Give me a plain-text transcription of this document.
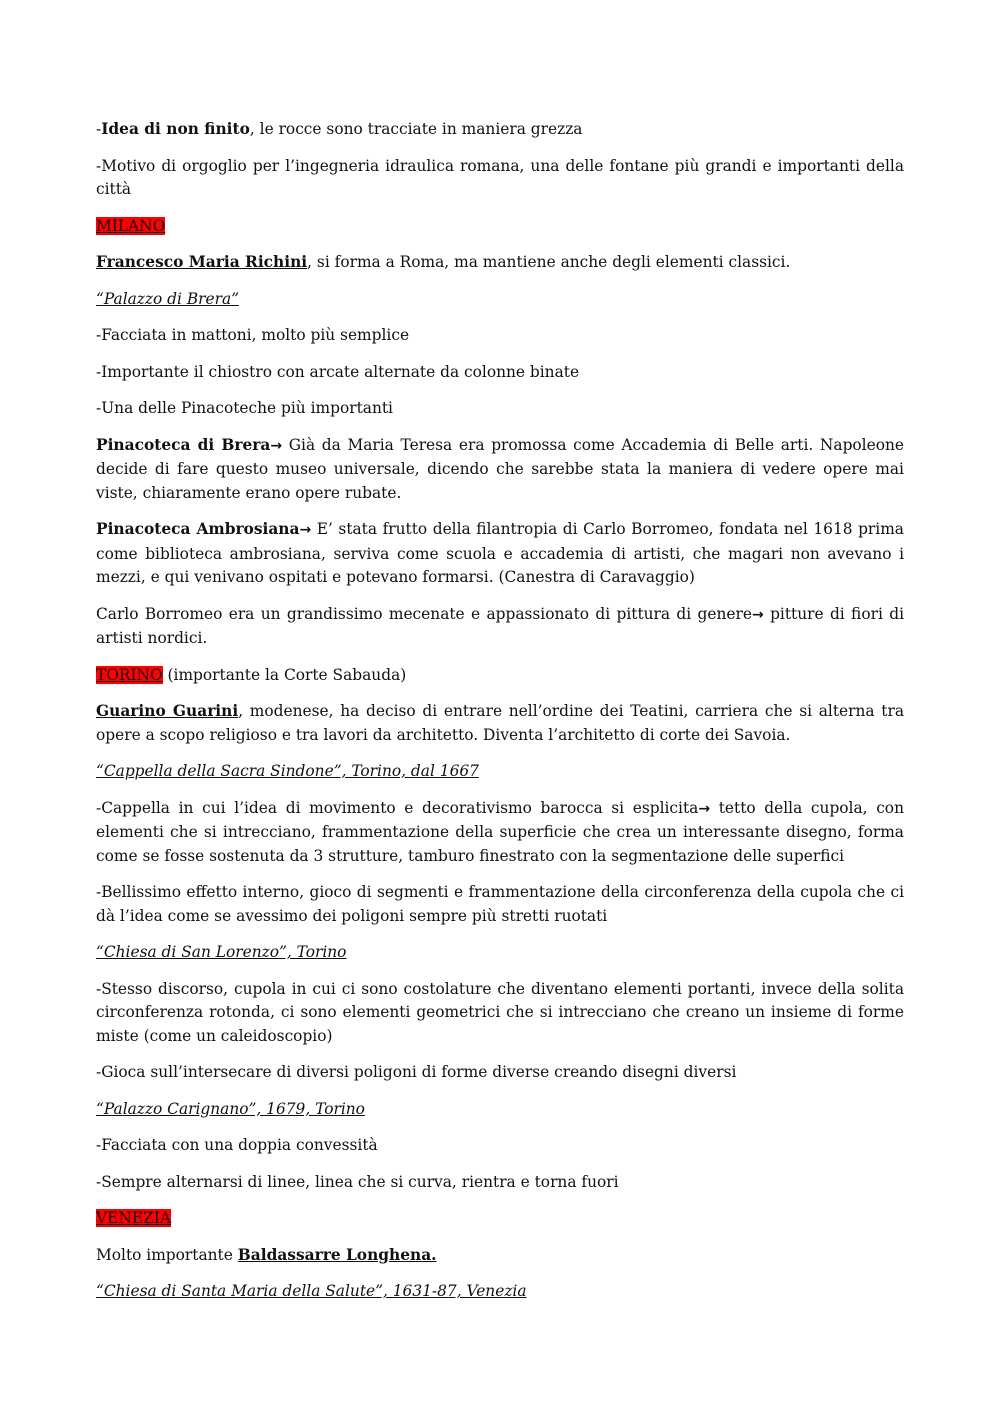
-Idea di non finito, le rocce sono tracciate in maniera grezza

-Motivo di orgoglio per l’ingegneria idraulica romana, una delle fontane più grandi e importanti della città

MILANO

Francesco Maria Richini, si forma a Roma, ma mantiene anche degli elementi classici.

“Palazzo di Brera”

-Facciata in mattoni, molto più semplice

-Importante il chiostro con arcate alternate da colonne binate

-Una delle Pinacoteche più importanti

Pinacoteca di Brera→ Già da Maria Teresa era promossa come Accademia di Belle arti. Napoleone decide di fare questo museo universale, dicendo che sarebbe stata la maniera di vedere opere mai viste, chiaramente erano opere rubate.

Pinacoteca Ambrosiana→ E’ stata frutto della filantropia di Carlo Borromeo, fondata nel 1618 prima come biblioteca ambrosiana, serviva come scuola e accademia di artisti, che magari non avevano i mezzi, e qui venivano ospitati e potevano formarsi. (Canestra di Caravaggio)

Carlo Borromeo era un grandissimo mecenate e appassionato di pittura di genere→ pitture di fiori di artisti nordici.

TORINO (importante la Corte Sabauda)

Guarino Guarini, modenese, ha deciso di entrare nell’ordine dei Teatini, carriera che si alterna tra opere a scopo religioso e tra lavori da architetto. Diventa l’architetto di corte dei Savoia.

“Cappella della Sacra Sindone”, Torino, dal 1667

-Cappella in cui l’idea di movimento e decorativismo barocca si esplicita→ tetto della cupola, con elementi che si intrecciano, frammentazione della superficie che crea un interessante disegno, forma come se fosse sostenuta da 3 strutture, tamburo finestrato con la segmentazione delle superfici

-Bellissimo effetto interno, gioco di segmenti e frammentazione della circonferenza della cupola che ci dà l’idea come se avessimo dei poligoni sempre più stretti ruotati

“Chiesa di San Lorenzo”, Torino

-Stesso discorso, cupola in cui ci sono costolature che diventano elementi portanti, invece della solita circonferenza rotonda, ci sono elementi geometrici che si intrecciano che creano un insieme di forme miste (come un caleidoscopio)

-Gioca sull’intersecare di diversi poligoni di forme diverse creando disegni diversi

“Palazzo Carignano”, 1679, Torino

-Facciata con una doppia convessità

-Sempre alternarsi di linee, linea che si curva, rientra e torna fuori

VENEZIA

Molto importante Baldassarre Longhena.

“Chiesa di Santa Maria della Salute”, 1631-87, Venezia
